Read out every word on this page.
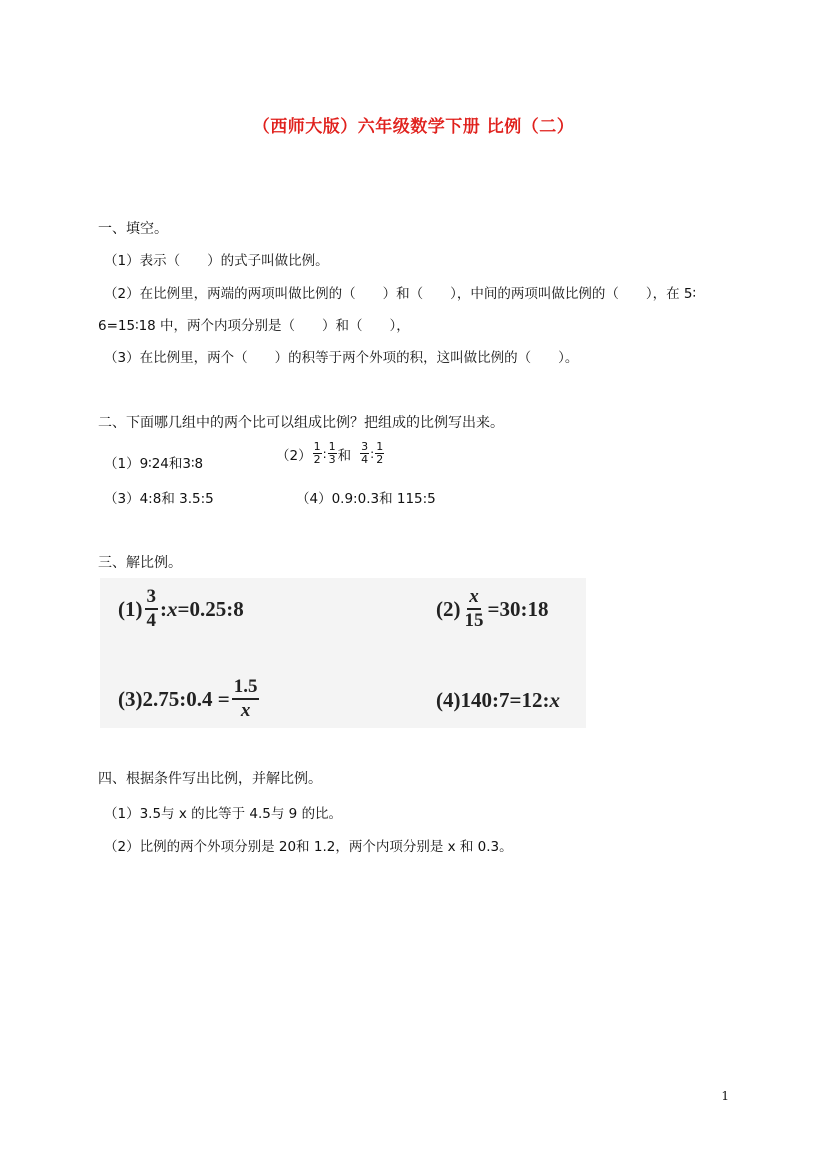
（西师大版）六年级数学下册 比例（二）
一、填空。
（1）表示（　　）的式子叫做比例。
（2）在比例里，两端的两项叫做比例的（　　）和（　　），中间的两项叫做比例的（　　），在 5∶
6=15∶18 中，两个内项分别是（　　）和（　　），
（3）在比例里，两个（　　）的积等于两个外项的积，这叫做比例的（　　）。
二、下面哪几组中的两个比可以组成比例？把组成的比例写出来。
（1）9∶24和3∶8
$(2) \frac{1}{2}$ : $\frac{1}{3}$ 和 $\frac{3}{4}$ : $\frac{1}{2}$
（3）4:8和 3.5:5	（4）0.9:0.3和 115:5
三、解比例。
$(1) \frac{3}{4}$ : x =0.25:8	$(2) \frac{x}{15}$ =30:18
(3) 2.75:0.4 = $\frac{1.5}{x}$	(4) 140:7=12: x
四、根据条件写出比例，并解比例。
（1）3.5与 x 的比等于 4.5与 9 的比。
（2）比例的两个外项分别是 20和 1.2，两个内项分别是 x 和 0.3。
1
